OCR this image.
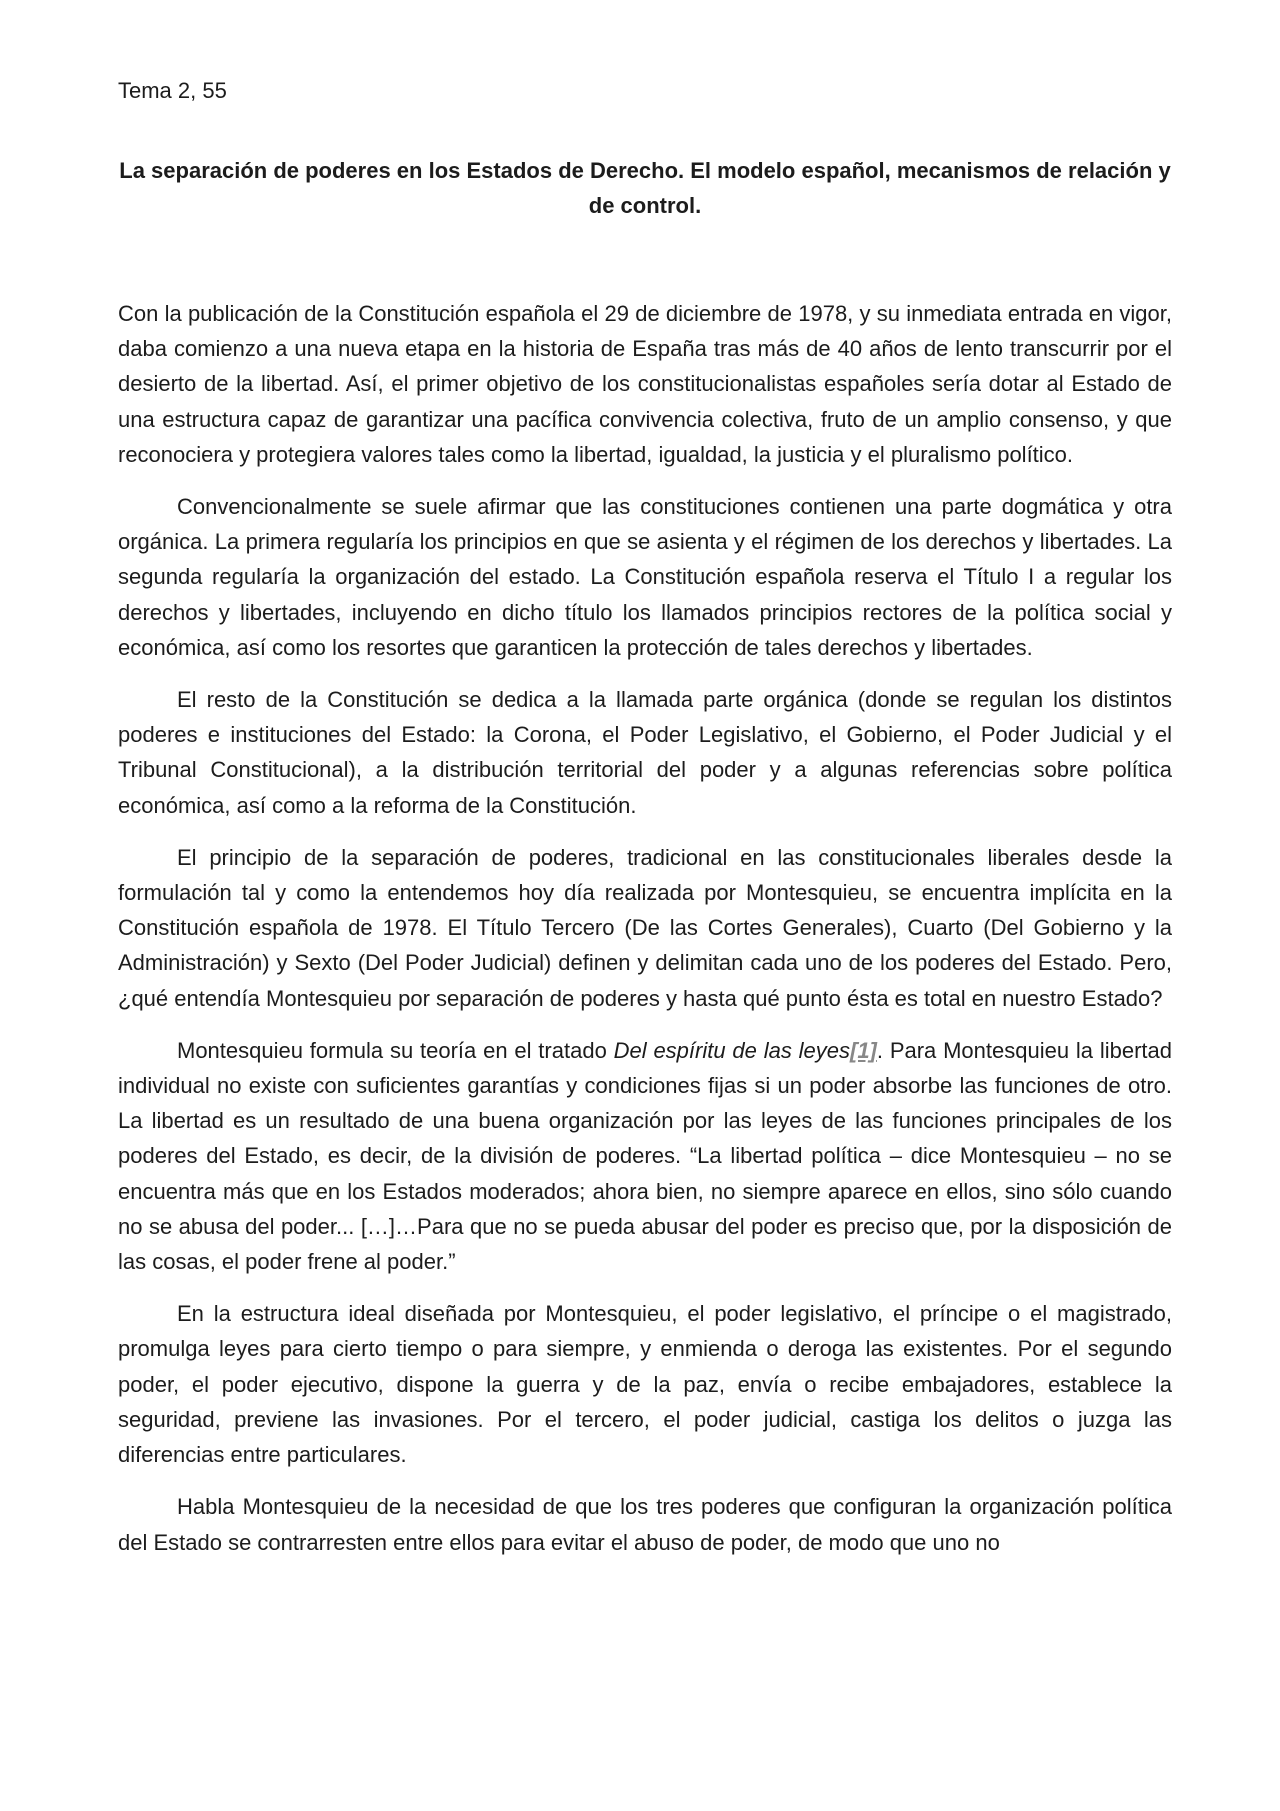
Tema 2, 55
La separación de poderes en los Estados de Derecho. El modelo español, mecanismos de relación y de control.

Con la publicación de la Constitución española el 29 de diciembre de 1978, y su inmediata entrada en vigor, daba comienzo a una nueva etapa en la historia de España tras más de 40 años de lento transcurrir por el desierto de la libertad. Así, el primer objetivo de los constitucionalistas españoles sería dotar al Estado de una estructura capaz de garantizar una pacífica convivencia colectiva, fruto de un amplio consenso, y que reconociera y protegiera valores tales como la libertad, igualdad, la justicia y el pluralismo político.

Convencionalmente se suele afirmar que las constituciones contienen una parte dogmática y otra orgánica. La primera regularía los principios en que se asienta y el régimen de los derechos y libertades. La segunda regularía la organización del estado. La Constitución española reserva el Título I a regular los derechos y libertades, incluyendo en dicho título los llamados principios rectores de la política social y económica, así como los resortes que garanticen la protección de tales derechos y libertades.

El resto de la Constitución se dedica a la llamada parte orgánica (donde se regulan los distintos poderes e instituciones del Estado: la Corona, el Poder Legislativo, el Gobierno, el Poder Judicial y el Tribunal Constitucional), a la distribución territorial del poder y a algunas referencias sobre política económica, así como a la reforma de la Constitución.

El principio de la separación de poderes, tradicional en las constitucionales liberales desde la formulación tal y como la entendemos hoy día realizada por Montesquieu, se encuentra implícita en la Constitución española de 1978. El Título Tercero (De las Cortes Generales), Cuarto (Del Gobierno y la Administración) y Sexto (Del Poder Judicial) definen y delimitan cada uno de los poderes del Estado. Pero, ¿qué entendía Montesquieu por separación de poderes y hasta qué punto ésta es total en nuestro Estado?

Montesquieu formula su teoría en el tratado Del espíritu de las leyes[1]. Para Montesquieu la libertad individual no existe con suficientes garantías y condiciones fijas si un poder absorbe las funciones de otro. La libertad es un resultado de una buena organización por las leyes de las funciones principales de los poderes del Estado, es decir, de la división de poderes. “La libertad política – dice Montesquieu – no se encuentra más que en los Estados moderados; ahora bien, no siempre aparece en ellos, sino sólo cuando no se abusa del poder... […]…Para que no se pueda abusar del poder es preciso que, por la disposición de las cosas, el poder frene al poder.”

En la estructura ideal diseñada por Montesquieu, el poder legislativo, el príncipe o el magistrado, promulga leyes para cierto tiempo o para siempre, y enmienda o deroga las existentes. Por el segundo poder, el poder ejecutivo, dispone la guerra y de la paz, envía o recibe embajadores, establece la seguridad, previene las invasiones. Por el tercero, el poder judicial, castiga los delitos o juzga las diferencias entre particulares.

Habla Montesquieu de la necesidad de que los tres poderes que configuran la organización política del Estado se contrarresten entre ellos para evitar el abuso de poder, de modo que uno no
